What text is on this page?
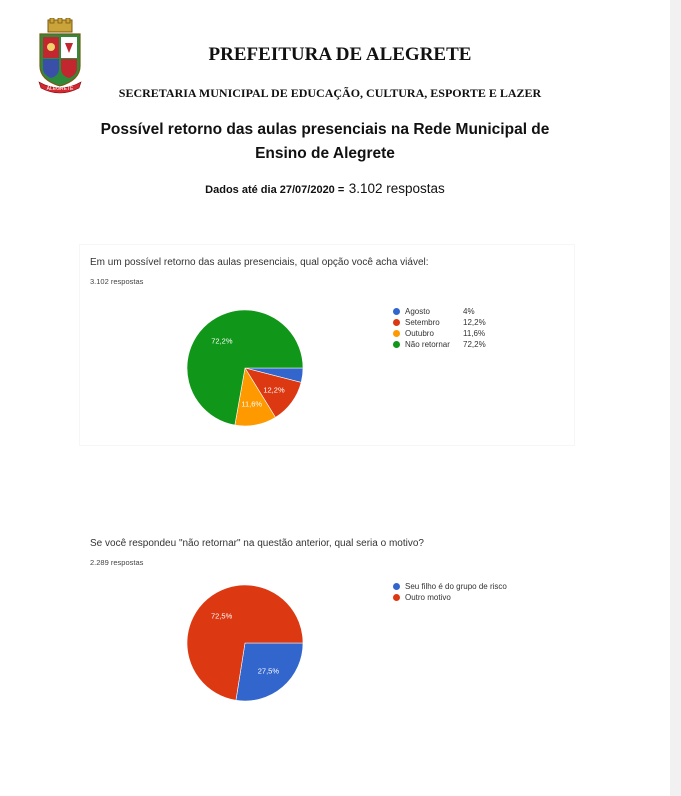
ALEGRETE
PREFEITURA DE ALEGRETE
SECRETARIA MUNICIPAL DE EDUCAÇÃO, CULTURA, ESPORTE E LAZER
Possível retorno das aulas presenciais na Rede Municipal de
Ensino de Alegrete
Dados até dia 27/07/2020 = 3.102 respostas
Em um possível retorno das aulas presenciais, qual opção você acha viável:
3.102 respostas
12,2%
11,6%
72,2%
Agosto	4%
Setembro	12,2%
Outubro	11,6%
Não retornar 72,2%
Se você respondeu "não retornar" na questão anterior, qual seria o motivo?
2.289 respostas
27,5%
72,5%
Seu filho é do grupo de risco
Outro motivo
